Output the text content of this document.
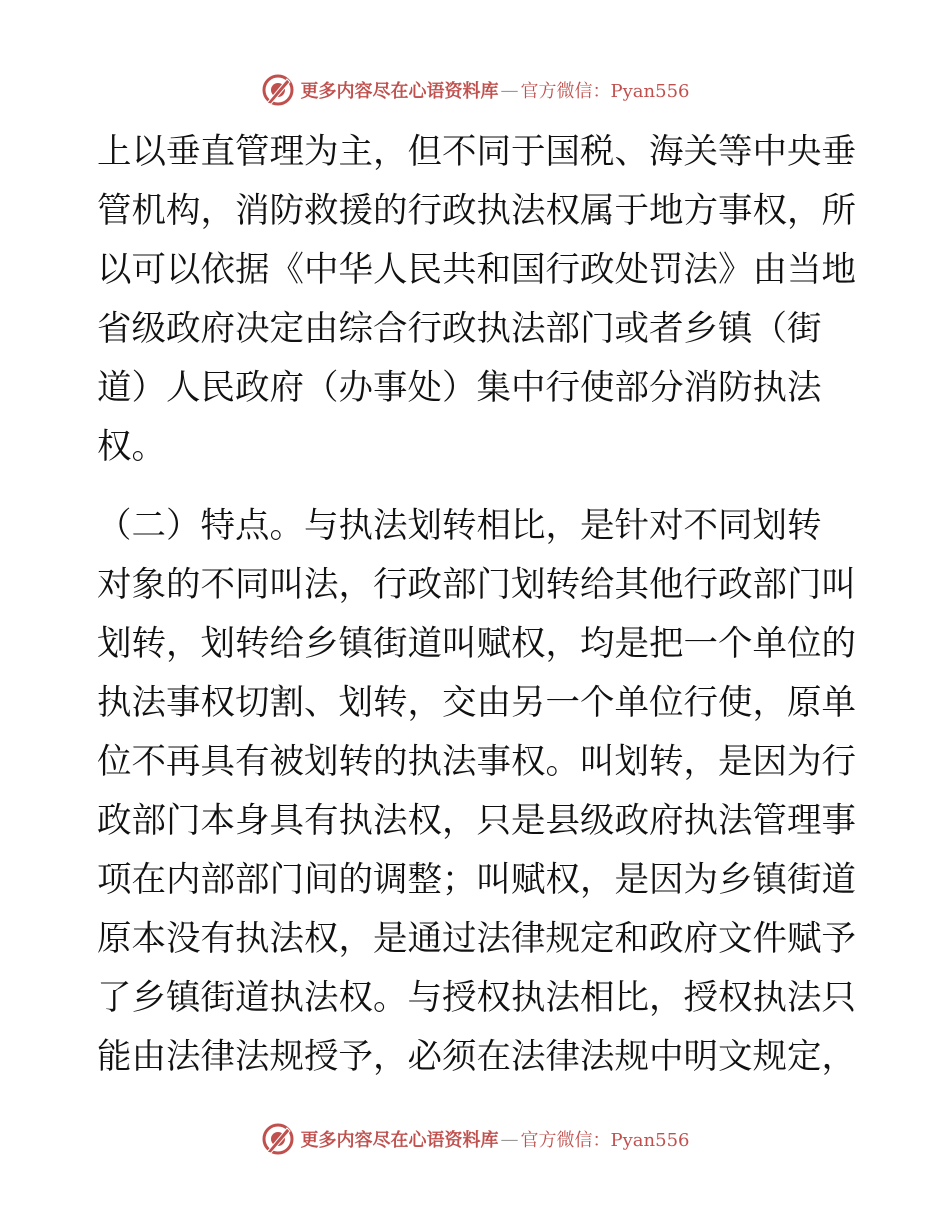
更多内容尽在心语资料库 — 官方微信：Pyan556
上以垂直管理为主，但不同于国税、海关等中央垂
管机构，消防救援的行政执法权属于地方事权，所
以可以依据《中华人民共和国行政处罚法》由当地
省级政府决定由综合行政执法部门或者乡镇（街
道）人民政府（办事处）集中行使部分消防执法
权。
（二）特点。与执法划转相比，是针对不同划转
对象的不同叫法，行政部门划转给其他行政部门叫
划转，划转给乡镇街道叫赋权，均是把一个单位的
执法事权切割、划转，交由另一个单位行使，原单
位不再具有被划转的执法事权。叫划转，是因为行
政部门本身具有执法权，只是县级政府执法管理事
项在内部部门间的调整；叫赋权，是因为乡镇街道
原本没有执法权，是通过法律规定和政府文件赋予
了乡镇街道执法权。与授权执法相比，授权执法只
能由法律法规授予，必须在法律法规中明文规定，
更多内容尽在心语资料库 — 官方微信：Pyan556
